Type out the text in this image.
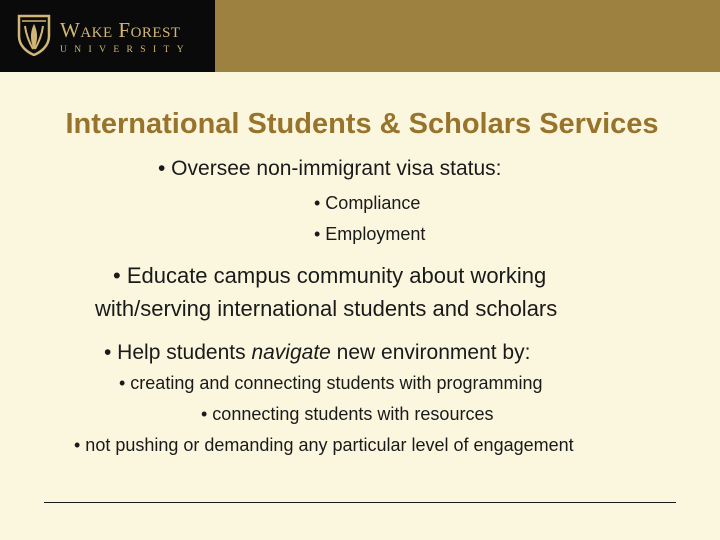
Wake Forest
UNIVERSITY
International Students & Scholars Services
• Oversee non-immigrant visa status:
• Compliance
• Employment
• Educate campus community about working
with/serving international students and scholars
• Help students navigate new environment by:
• creating and connecting students with programming
• connecting students with resources
• not pushing or demanding any particular level of engagement
